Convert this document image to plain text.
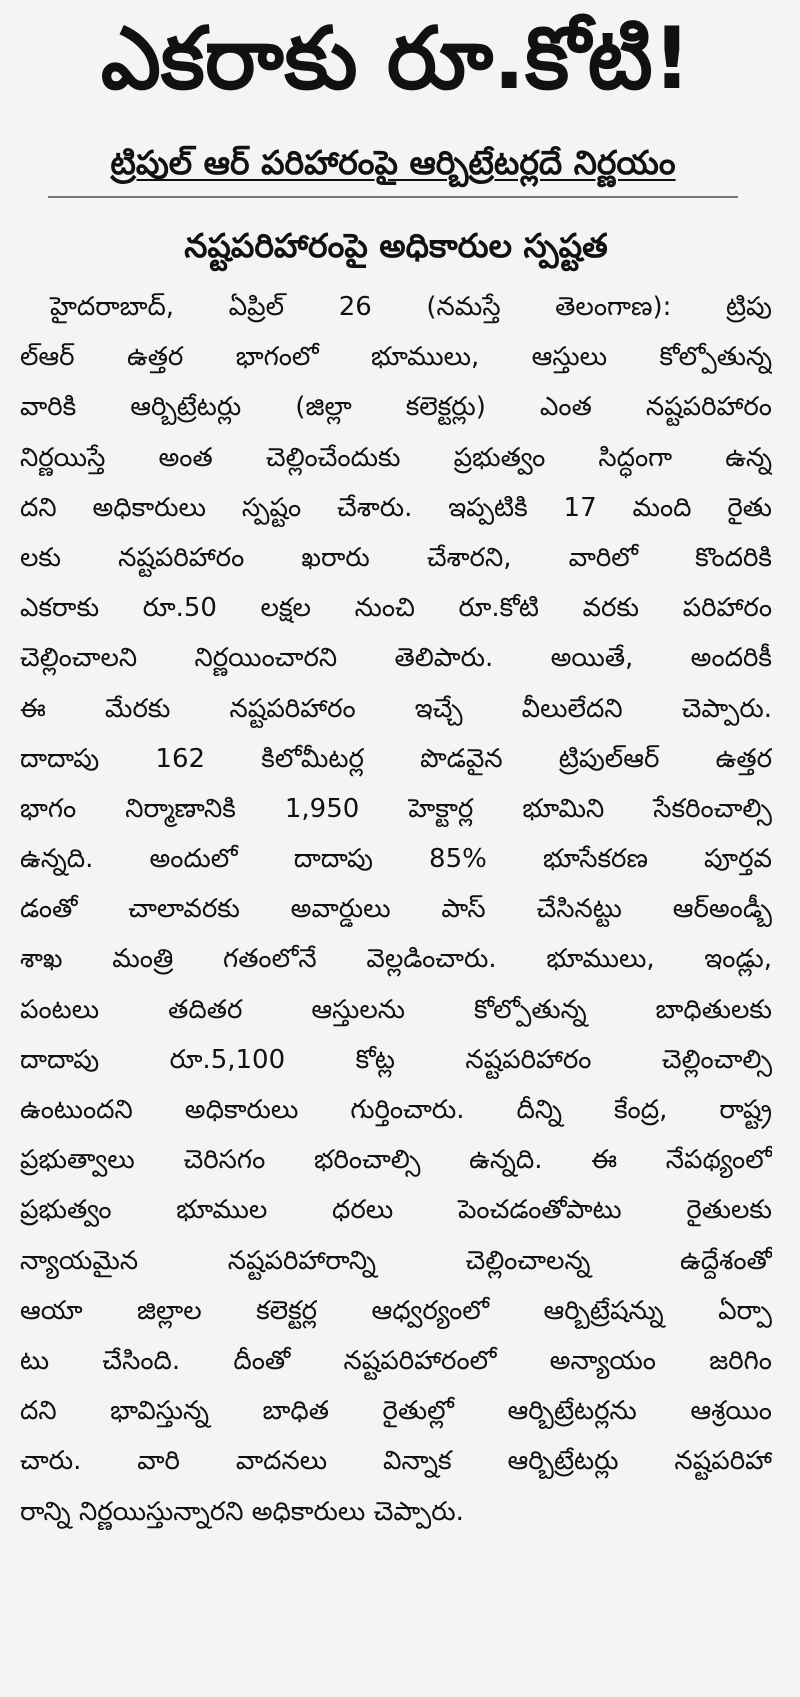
ఎకరాకు రూ.కోటి!
ట్రిపుల్ ఆర్ పరిహారంపై ఆర్బిట్రేటర్లదే నిర్ణయం
నష్టపరిహారంపై అధికారుల స్పష్టత
హైదరాబాద్, ఏప్రిల్ 26 (నమస్తే తెలంగాణ): ట్రిపు
ల్ఆర్ ఉత్తర భాగంలో భూములు, ఆస్తులు కోల్పోతున్న
వారికి ఆర్బిట్రేటర్లు (జిల్లా కలెక్టర్లు) ఎంత నష్టపరిహారం
నిర్ణయిస్తే అంత చెల్లించేందుకు ప్రభుత్వం సిద్ధంగా ఉన్న
దని అధికారులు స్పష్టం చేశారు. ఇప్పటికి 17 మంది రైతు
లకు నష్టపరిహారం ఖరారు చేశారని, వారిలో కొందరికి
ఎకరాకు రూ.50 లక్షల నుంచి రూ.కోటి వరకు పరిహారం
చెల్లించాలని నిర్ణయించారని తెలిపారు. అయితే, అందరికీ
ఈ మేరకు నష్టపరిహారం ఇచ్చే వీలులేదని చెప్పారు.
దాదాపు 162 కిలోమీటర్ల పొడవైన ట్రిపుల్ఆర్ ఉత్తర
భాగం నిర్మాణానికి 1,950 హెక్టార్ల భూమిని సేకరించాల్సి
ఉన్నది. అందులో దాదాపు 85% భూసేకరణ పూర్తవ
డంతో చాలావరకు అవార్డులు పాస్ చేసినట్టు ఆర్అండ్బీ
శాఖ మంత్రి గతంలోనే వెల్లడించారు. భూములు, ఇండ్లు,
పంటలు తదితర ఆస్తులను కోల్పోతున్న బాధితులకు
దాదాపు రూ.5,100 కోట్ల నష్టపరిహారం చెల్లించాల్సి
ఉంటుందని అధికారులు గుర్తించారు. దీన్ని కేంద్ర, రాష్ట్ర
ప్రభుత్వాలు చెరిసగం భరించాల్సి ఉన్నది. ఈ నేపథ్యంలో
ప్రభుత్వం భూముల ధరలు పెంచడంతోపాటు రైతులకు
న్యాయమైన నష్టపరిహారాన్ని చెల్లించాలన్న ఉద్దేశంతో
ఆయా జిల్లాల కలెక్టర్ల ఆధ్వర్యంలో ఆర్బిట్రేషన్ను ఏర్పా
టు చేసింది. దీంతో నష్టపరిహారంలో అన్యాయం జరిగిం
దని భావిస్తున్న బాధిత రైతుల్లో ఆర్బిట్రేటర్లను ఆశ్రయిం
చారు. వారి వాదనలు విన్నాక ఆర్బిట్రేటర్లు నష్టపరిహా
రాన్ని నిర్ణయిస్తున్నారని అధికారులు చెప్పారు.
